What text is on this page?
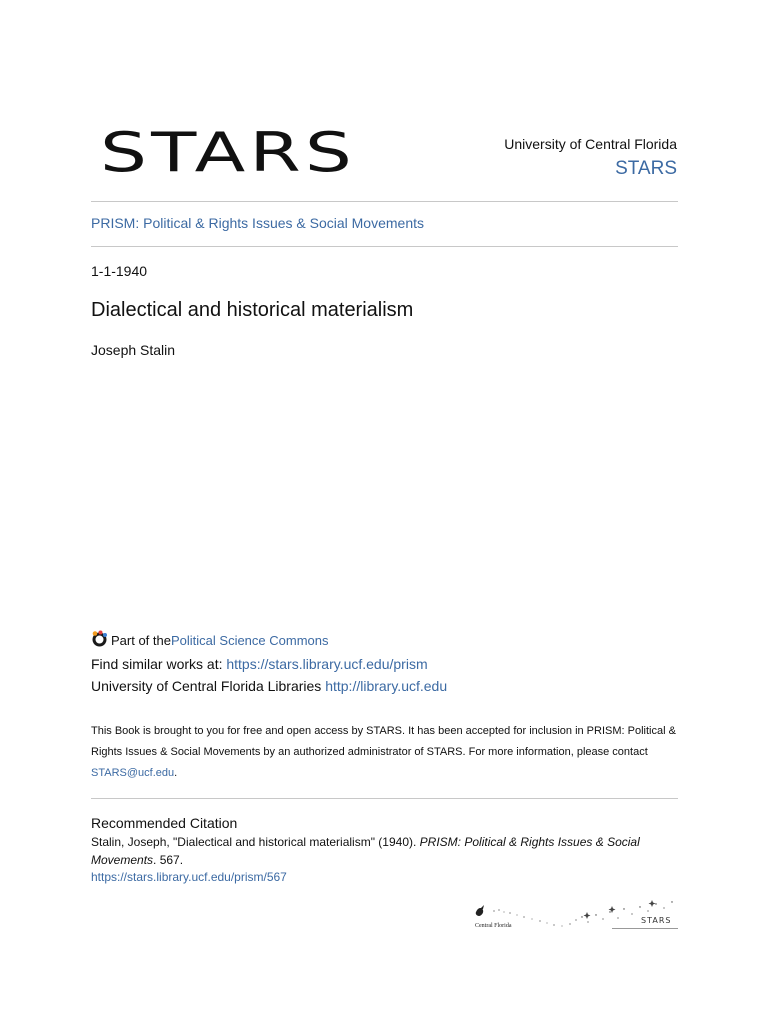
STARS	University of Central Florida
STARS
PRISM: Political & Rights Issues & Social Movements
1-1-1940
Dialectical and historical materialism
Joseph Stalin
Part of the Political Science Commons
Find similar works at: https://stars.library.ucf.edu/prism
University of Central Florida Libraries http://library.ucf.edu
This Book is brought to you for free and open access by STARS. It has been accepted for inclusion in PRISM: Political & Rights Issues & Social Movements by an authorized administrator of STARS. For more information, please contact STARS@ucf.edu.
Recommended Citation
Stalin, Joseph, "Dialectical and historical materialism" (1940). PRISM: Political & Rights Issues & Social Movements. 567.
https://stars.library.ucf.edu/prism/567
Central Florida
STARS
